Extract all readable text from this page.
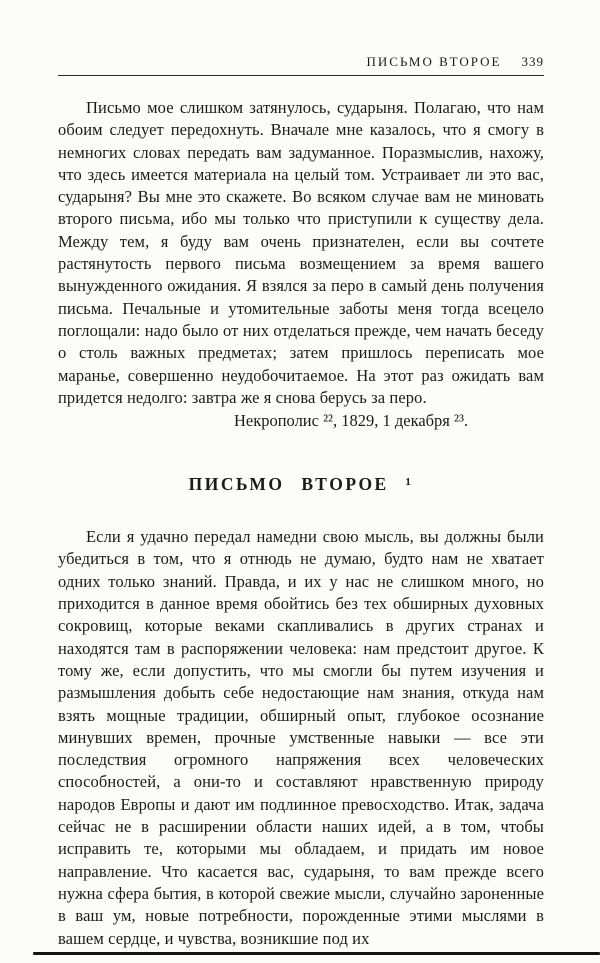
ПИСЬМО ВТОРОЕ 339

Письмо мое слишком затянулось, сударыня. Полагаю, что нам обоим следует передохнуть. Вначале мне казалось, что я смогу в немногих словах передать вам задуманное. Поразмыслив, нахожу, что здесь имеется материала на целый том. Устраивает ли это вас, сударыня? Вы мне это скажете. Во всяком случае вам не миновать второго письма, ибо мы только что приступили к существу дела. Между тем, я буду вам очень признателен, если вы сочтете растянутость первого письма возмещением за время вашего вынужденного ожидания. Я взялся за перо в самый день получения письма. Печальные и утомительные заботы меня тогда всецело поглощали: надо было от них отделаться прежде, чем начать беседу о столь важных предметах; затем пришлось переписать мое маранье, совершенно неудобочитаемое. На этот раз ожидать вам придется недолго: завтра же я снова берусь за перо.

Некрополис ²², 1829, 1 декабря ²³.

ПИСЬМО ВТОРОЕ ¹

Если я удачно передал намедни свою мысль, вы должны были убедиться в том, что я отнюдь не думаю, будто нам не хватает одних только знаний. Правда, и их у нас не слишком много, но приходится в данное время обойтись без тех обширных духовных сокровищ, которые веками скапливались в других странах и находятся там в распоряжении человека: нам предстоит другое. К тому же, если допустить, что мы смогли бы путем изучения и размышления добыть себе недостающие нам знания, откуда нам взять мощные традиции, обширный опыт, глубокое осознание минувших времен, прочные умственные навыки — все эти последствия огромного напряжения всех человеческих способностей, а они-то и составляют нравственную природу народов Европы и дают им подлинное превосходство. Итак, задача сейчас не в расширении области наших идей, а в том, чтобы исправить те, которыми мы обладаем, и придать им новое направление. Что касается вас, сударыня, то вам прежде всего нужна сфера бытия, в которой свежие мысли, случайно зароненные в ваш ум, новые потребности, порожденные этими мыслями в вашем сердце, и чувства, возникшие под их
